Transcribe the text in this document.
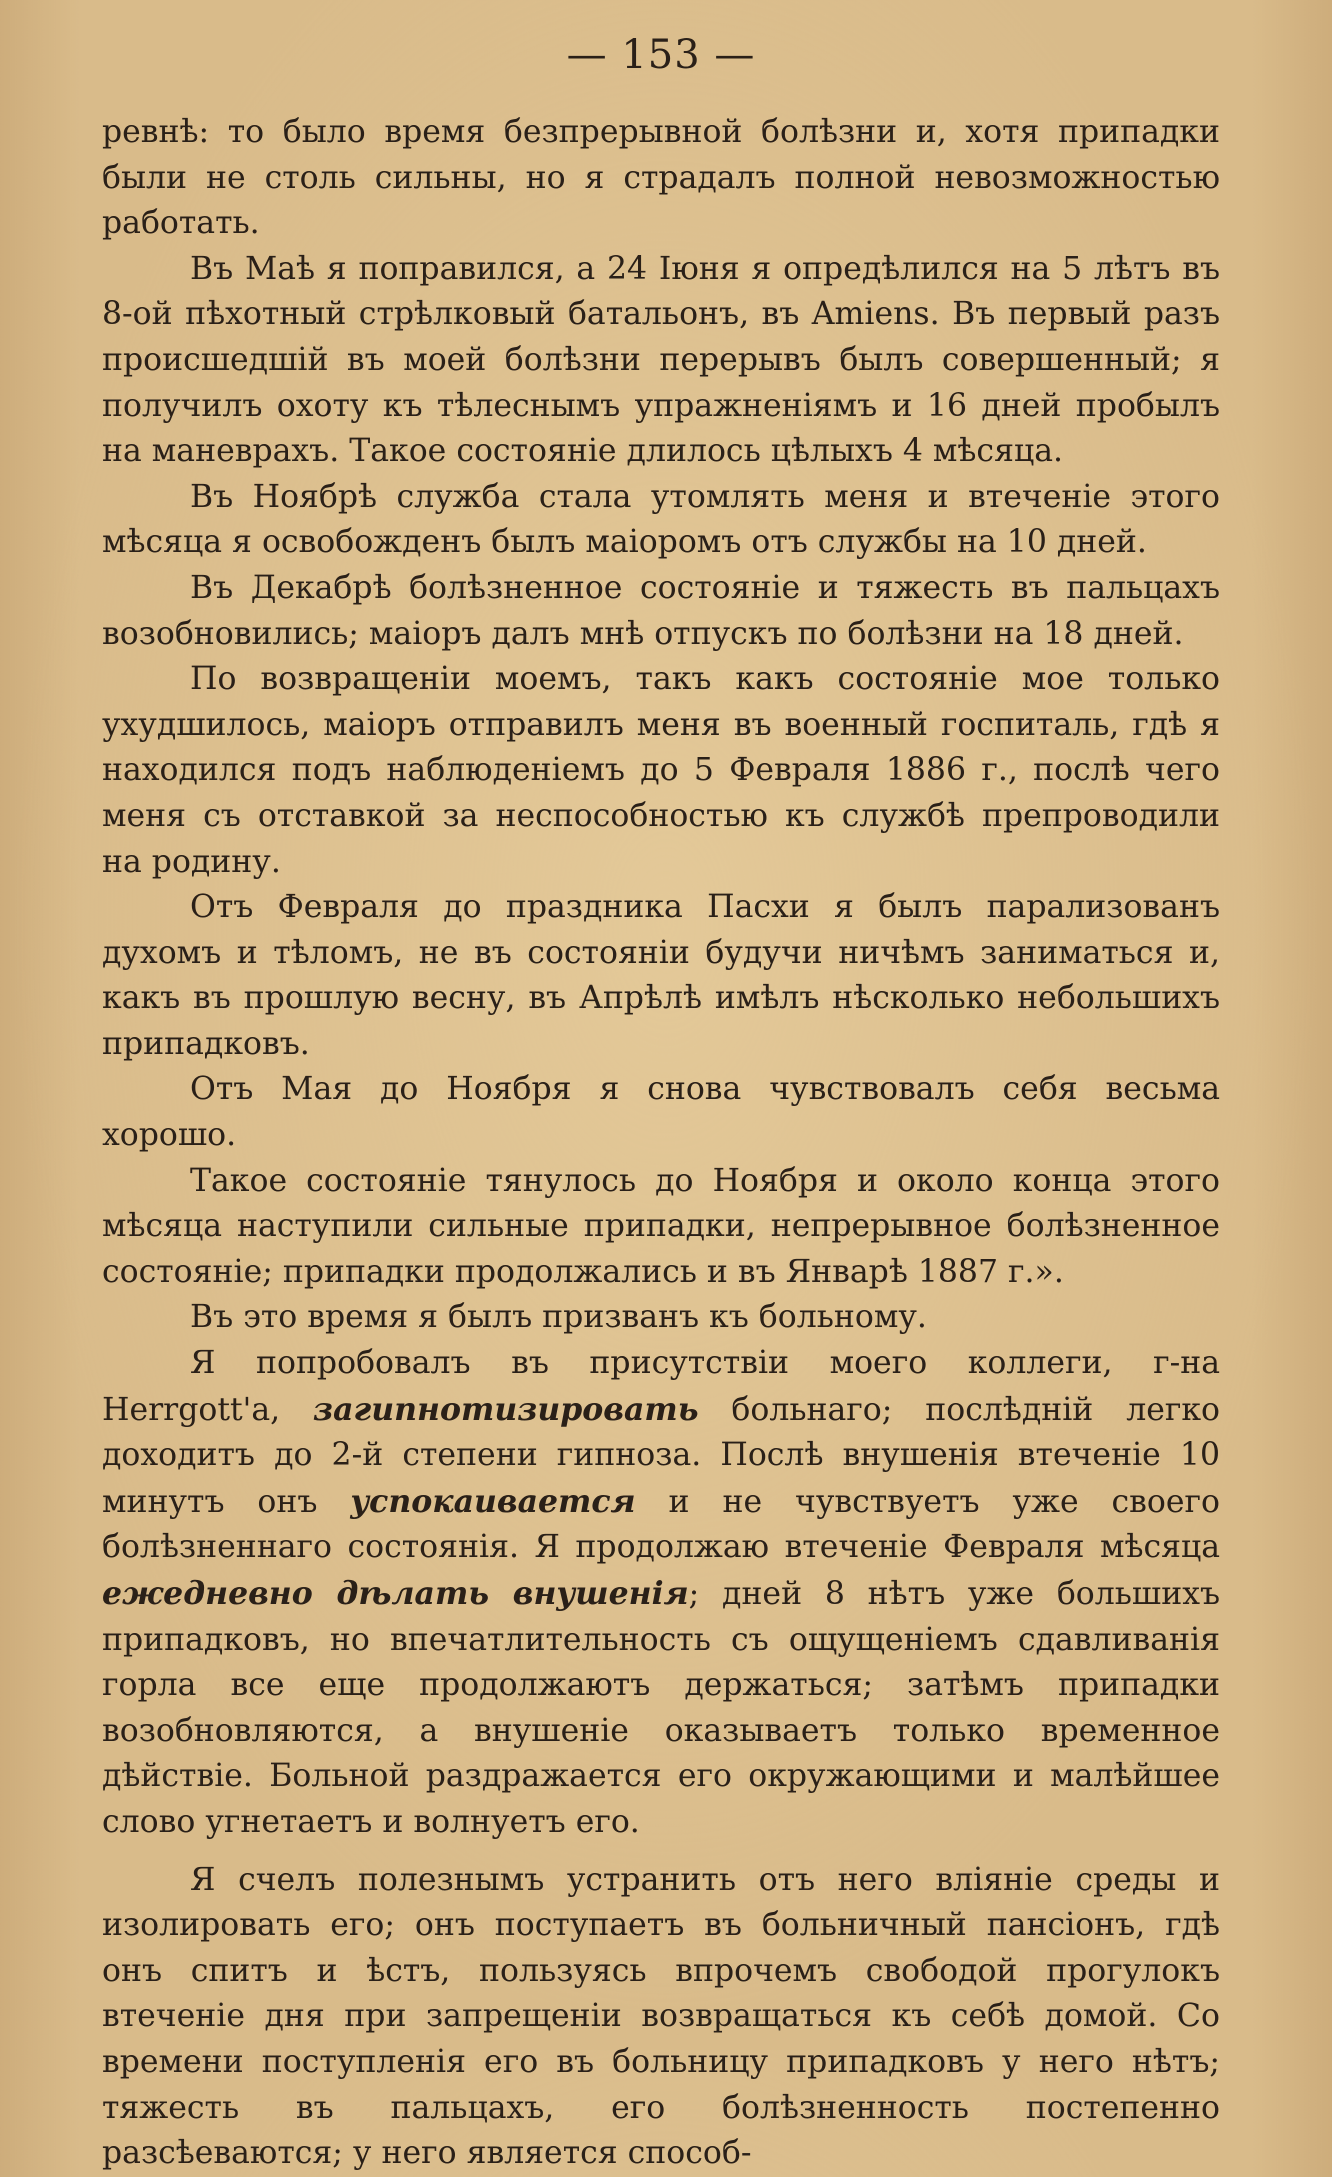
— 153 —

ревнѣ: то было время безпрерывной болѣзни и, хотя припадки были не столь сильны, но я страдалъ полной невозможностью работать.

Въ Маѣ я поправился, а 24 Іюня я опредѣлился на 5 лѣтъ въ 8-ой пѣхотный стрѣлковый батальонъ, въ Amiens. Въ первый разъ происшедшій въ моей болѣзни перерывъ былъ совершенный; я получилъ охоту къ тѣлеснымъ упражненіямъ и 16 дней пробылъ на маневрахъ. Такое состояніе длилось цѣлыхъ 4 мѣсяца.

Въ Ноябрѣ служба стала утомлять меня и втеченіе этого мѣсяца я освобожденъ былъ маіоромъ отъ службы на 10 дней.

Въ Декабрѣ болѣзненное состояніе и тяжесть въ пальцахъ возобновились; маіоръ далъ мнѣ отпускъ по болѣзни на 18 дней.

По возвращеніи моемъ, такъ какъ состояніе мое только ухудшилось, маіоръ отправилъ меня въ военный госпиталь, гдѣ я находился подъ наблюденіемъ до 5 Февраля 1886 г., послѣ чего меня съ отставкой за неспособностью къ службѣ препроводили на родину.

Отъ Февраля до праздника Пасхи я былъ парализованъ духомъ и тѣломъ, не въ состояніи будучи ничѣмъ заниматься и, какъ въ прошлую весну, въ Апрѣлѣ имѣлъ нѣсколько небольшихъ припадковъ.

Отъ Мая до Ноября я снова чувствовалъ себя весьма хорошо.

Такое состояніе тянулось до Ноября и около конца этого мѣсяца наступили сильные припадки, непрерывное болѣзненное состояніе; припадки продолжались и въ Январѣ 1887 г.».

Въ это время я былъ призванъ къ больному.

Я попробовалъ въ присутствіи моего коллеги, г-на Herrgott'а, загипнотизировать больнаго; послѣдній легко доходитъ до 2-й степени гипноза. Послѣ внушенія втеченіе 10 минутъ онъ успокаивается и не чувствуетъ уже своего болѣзненнаго состоянія. Я продолжаю втеченіе Февраля мѣсяца ежедневно дѣлать внушенія; дней 8 нѣтъ уже большихъ припадковъ, но впечатлительность съ ощущеніемъ сдавливанія горла все еще продолжаютъ держаться; затѣмъ припадки возобновляются, а внушеніе оказываетъ только временное дѣйствіе. Больной раздражается его окружающими и малѣйшее слово угнетаетъ и волнуетъ его.

Я счелъ полезнымъ устранить отъ него вліяніе среды и изолировать его; онъ поступаетъ въ больничный пансіонъ, гдѣ онъ спитъ и ѣстъ, пользуясь впрочемъ свободой прогулокъ втеченіе дня при запрещеніи возвращаться къ себѣ домой. Со времени поступленія его въ больницу припадковъ у него нѣтъ; тяжесть въ пальцахъ, его болѣзненность постепенно разсѣеваются; у него является способ-
